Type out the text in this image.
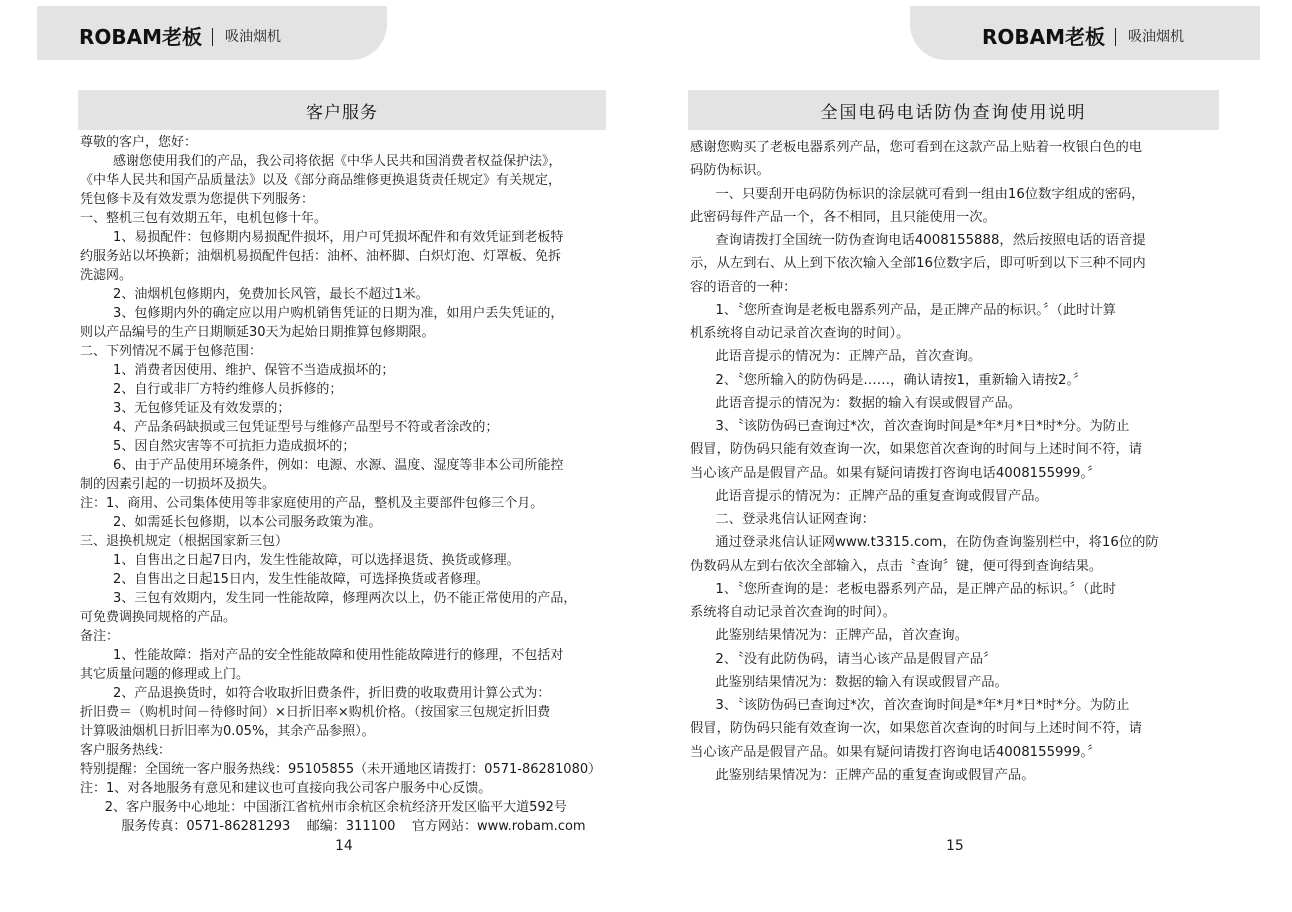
ROBAM老板 吸油烟机	ROBAM老板 吸油烟机
客户服务	全国电码电话防伪查询使用说明
尊敬的客户，您好：
感谢您使用我们的产品，我公司将依据《中华人民共和国消费者权益保护法》，
《中华人民共和国产品质量法》以及《部分商品维修更换退货责任规定》有关规定，
凭包修卡及有效发票为您提供下列服务：
一、整机三包有效期五年，电机包修十年。
1、易损配件：包修期内易损配件损坏，用户可凭损坏配件和有效凭证到老板特
约服务站以坏换新；油烟机易损配件包括：油杯、油杯脚、白炽灯泡、灯罩板、免拆
洗滤网。
2、油烟机包修期内，免费加长风管，最长不超过1米。
3、包修期内外的确定应以用户购机销售凭证的日期为准，如用户丢失凭证的，
则以产品编号的生产日期顺延30天为起始日期推算包修期限。
二、下列情况不属于包修范围：
1、消费者因使用、维护、保管不当造成损坏的；
2、自行或非厂方特约维修人员拆修的；
3、无包修凭证及有效发票的；
4、产品条码缺损或三包凭证型号与维修产品型号不符或者涂改的；
5、因自然灾害等不可抗拒力造成损坏的；
6、由于产品使用环境条件，例如：电源、水源、温度、湿度等非本公司所能控
制的因素引起的一切损坏及损失。
注：1、商用、公司集体使用等非家庭使用的产品，整机及主要部件包修三个月。
2、如需延长包修期，以本公司服务政策为准。
三、退换机规定（根据国家新三包）
1、自售出之日起7日内，发生性能故障，可以选择退货、换货或修理。
2、自售出之日起15日内，发生性能故障，可选择换货或者修理。
3、三包有效期内，发生同一性能故障，修理两次以上，仍不能正常使用的产品，
可免费调换同规格的产品。
备注：
1、性能故障：指对产品的安全性能故障和使用性能故障进行的修理，不包括对
其它质量问题的修理或上门。
2、产品退换货时，如符合收取折旧费条件，折旧费的收取费用计算公式为：
折旧费＝（购机时间－待修时间）×日折旧率×购机价格。（按国家三包规定折旧费
计算吸油烟机日折旧率为0.05%，其余产品参照）。
客户服务热线：
特别提醒：全国统一客户服务热线：95105855（未开通地区请拨打：0571-86281080）
注：1、对各地服务有意见和建议也可直接向我公司客户服务中心反馈。
2、客户服务中心地址：中国浙江省杭州市余杭区余杭经济开发区临平大道592号
服务传真：0571-86281293    邮编：311100    官方网站：www.robam.com
感谢您购买了老板电器系列产品，您可看到在这款产品上贴着一枚银白色的电
码防伪标识。
一、只要刮开电码防伪标识的涂层就可看到一组由16位数字组成的密码，
此密码每件产品一个，各不相同，且只能使用一次。
查询请拨打全国统一防伪查询电话4008155888，然后按照电话的语音提
示，从左到右、从上到下依次输入全部16位数字后，即可听到以下三种不同内
容的语音的一种：
1、〝您所查询是老板电器系列产品，是正牌产品的标识。〞（此时计算
机系统将自动记录首次查询的时间）。
此语音提示的情况为：正牌产品，首次查询。
2、〝您所输入的防伪码是……，确认请按1，重新输入请按2。〞
此语音提示的情况为：数据的输入有误或假冒产品。
3、〝该防伪码已查询过*次，首次查询时间是*年*月*日*时*分。为防止
假冒，防伪码只能有效查询一次，如果您首次查询的时间与上述时间不符，请
当心该产品是假冒产品。如果有疑问请拨打咨询电话4008155999。〞
此语音提示的情况为：正牌产品的重复查询或假冒产品。
二、登录兆信认证网查询：
通过登录兆信认证网www.t3315.com，在防伪查询鉴别栏中，将16位的防
伪数码从左到右依次全部输入，点击〝查询〞键，便可得到查询结果。
1、〝您所查询的是：老板电器系列产品，是正牌产品的标识。〞（此时
系统将自动记录首次查询的时间）。
此鉴别结果情况为：正牌产品，首次查询。
2、〝没有此防伪码，请当心该产品是假冒产品〞
此鉴别结果情况为：数据的输入有误或假冒产品。
3、〝该防伪码已查询过*次，首次查询时间是*年*月*日*时*分。为防止
假冒，防伪码只能有效查询一次，如果您首次查询的时间与上述时间不符，请
当心该产品是假冒产品。如果有疑问请拨打咨询电话4008155999。〞
此鉴别结果情况为：正牌产品的重复查询或假冒产品。
14	15
